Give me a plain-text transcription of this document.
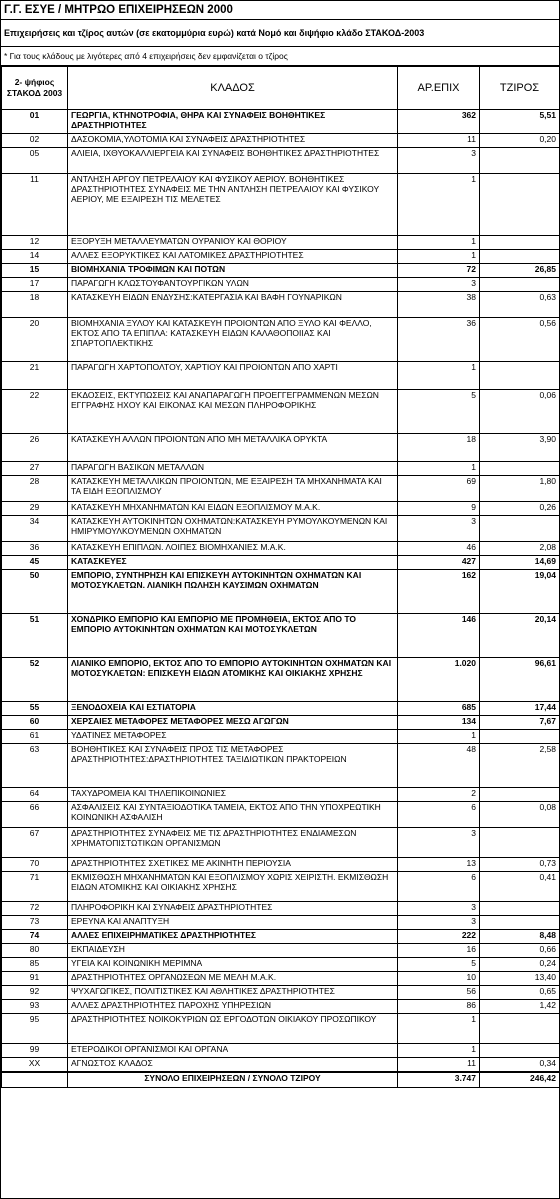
Γ.Γ. ΕΣΥΕ / ΜΗΤΡΩΟ ΕΠΙΧΕΙΡΗΣΕΩΝ 2000
Επιχειρήσεις και τζίρος αυτών (σε εκατομμύρια ευρώ) κατά Νομό και διψήφιο κλάδο ΣΤΑΚΟΔ-2003
* Για τους κλάδους με λιγότερες από 4 επιχειρήσεις δεν εμφανίζεται ο τζίρος
2- ψήφιος ΣΤΑΚΟΔ 2003	ΚΛΑΔΟΣ	ΑΡ.ΕΠΙΧ	ΤΖΙΡΟΣ
01	ΓΕΩΡΓΙΑ, ΚΤΗΝΟΤΡΟΦΙΑ, ΘΗΡΑ ΚΑΙ ΣΥΝΑΦΕΙΣ ΒΟΗΘΗΤΙΚΕΣ ΔΡΑΣΤΗΡΙΟΤΗΤΕΣ	362	5,51
02	ΔΑΣΟΚΟΜΙΑ,ΥΛΟΤΟΜΙΑ ΚΑΙ ΣΥΝΑΦΕΙΣ ΔΡΑΣΤΗΡΙΟΤΗΤΕΣ	11	0,20
05	ΑΛΙΕΙΑ, ΙΧΘΥΟΚΑΛΛΙΕΡΓΕΙΑ ΚΑΙ ΣΥΝΑΦΕΙΣ ΒΟΗΘΗΤΙΚΕΣ ΔΡΑΣΤΗΡΙΟΤΗΤΕΣ	3	
11	ΑΝΤΛΗΣΗ ΑΡΓΟΥ ΠΕΤΡΕΛΑΙΟΥ ΚΑΙ ΦΥΣΙΚΟΥ ΑΕΡΙΟΥ. ΒΟΗΘΗΤΙΚΕΣ ΔΡΑΣΤΗΡΙΟΤΗΤΕΣ ΣΥΝΑΦΕΙΣ ΜΕ ΤΗΝ ΑΝΤΛΗΣΗ ΠΕΤΡΕΛΑΙΟΥ ΚΑΙ ΦΥΣΙΚΟΥ ΑΕΡΙΟΥ, ΜΕ ΕΞΑΙΡΕΣΗ ΤΙΣ ΜΕΛΕΤΕΣ	1	
12	ΕΞΟΡΥΞΗ ΜΕΤΑΛΛΕΥΜΑΤΩΝ ΟΥΡΑΝΙΟΥ ΚΑΙ ΘΟΡΙΟΥ	1	
14	ΑΛΛΕΣ ΕΞΟΡΥΚΤΙΚΕΣ ΚΑΙ ΛΑΤΟΜΙΚΕΣ ΔΡΑΣΤΗΡΙΟΤΗΤΕΣ	1	
15	ΒΙΟΜΗΧΑΝΙΑ ΤΡΟΦΙΜΩΝ ΚΑΙ ΠΟΤΩΝ	72	26,85
17	ΠΑΡΑΓΩΓΗ ΚΛΩΣΤΟΥΦΑΝΤΟΥΡΓΙΚΩΝ ΥΛΩΝ	3	
18	ΚΑΤΑΣΚΕΥΗ ΕΙΔΩΝ ΕΝΔΥΣΗΣ:ΚΑΤΕΡΓΑΣΙΑ ΚΑΙ ΒΑΦΗ ΓΟΥΝΑΡΙΚΩΝ	38	0,63
20	ΒΙΟΜΗΧΑΝΙΑ ΞΥΛΟΥ ΚΑΙ ΚΑΤΑΣΚΕΥΗ ΠΡΟΙΟΝΤΩΝ ΑΠΟ ΞΥΛΟ ΚΑΙ ΦΕΛΛΟ, ΕΚΤΟΣ ΑΠΟ ΤΑ ΕΠΙΠΛΑ: ΚΑΤΑΣΚΕΥΗ ΕΙΔΩΝ ΚΑΛΑΘΟΠΟΙΙΑΣ ΚΑΙ ΣΠΑΡΤΟΠΛΕΚΤΙΚΗΣ	36	0,56
21	ΠΑΡΑΓΩΓΗ ΧΑΡΤΟΠΟΛΤΟΥ, ΧΑΡΤΙΟΥ ΚΑΙ ΠΡΟΙΟΝΤΩΝ ΑΠΟ ΧΑΡΤΙ	1	
22	ΕΚΔΟΣΕΙΣ, ΕΚΤΥΠΩΣΕΙΣ ΚΑΙ ΑΝΑΠΑΡΑΓΩΓΗ ΠΡΟΕΓΓΕΓΡΑΜΜΕΝΩΝ ΜΕΣΩΝ ΕΓΓΡΑΦΗΣ ΗΧΟΥ ΚΑΙ ΕΙΚΟΝΑΣ ΚΑΙ ΜΕΣΩΝ ΠΛΗΡΟΦΟΡΙΚΗΣ	5	0,06
26	ΚΑΤΑΣΚΕΥΗ ΑΛΛΩΝ ΠΡΟΙΟΝΤΩΝ ΑΠΟ ΜΗ ΜΕΤΑΛΛΙΚΑ ΟΡΥΚΤΑ	18	3,90
27	ΠΑΡΑΓΩΓΗ ΒΑΣΙΚΩΝ ΜΕΤΑΛΛΩΝ	1	
28	ΚΑΤΑΣΚΕΥΗ ΜΕΤΑΛΛΙΚΩΝ ΠΡΟΙΟΝΤΩΝ, ΜΕ ΕΞΑΙΡΕΣΗ ΤΑ ΜΗΧΑΝΗΜΑΤΑ ΚΑΙ ΤΑ ΕΙΔΗ ΕΞΟΠΛΙΣΜΟΥ	69	1,80
29	ΚΑΤΑΣΚΕΥΗ ΜΗΧΑΝΗΜΑΤΩΝ ΚΑΙ ΕΙΔΩΝ ΕΞΟΠΛΙΣΜΟΥ Μ.Α.Κ.	9	0,26
34	ΚΑΤΑΣΚΕΥΗ ΑΥΤΟΚΙΝΗΤΩΝ ΟΧΗΜΑΤΩΝ:ΚΑΤΑΣΚΕΥΗ ΡΥΜΟΥΛΚΟΥΜΕΝΩΝ ΚΑΙ ΗΜΙΡΥΜΟΥΛΚΟΥΜΕΝΩΝ ΟΧΗΜΑΤΩΝ	3	
36	ΚΑΤΑΣΚΕΥΗ ΕΠΙΠΛΩΝ. ΛΟΙΠΕΣ ΒΙΟΜΗΧΑΝΙΕΣ Μ.Α.Κ.	46	2,08
45	ΚΑΤΑΣΚΕΥΕΣ	427	14,69
50	ΕΜΠΟΡΙΟ, ΣΥΝΤΗΡΗΣΗ ΚΑΙ ΕΠΙΣΚΕΥΗ ΑΥΤΟΚΙΝΗΤΩΝ ΟΧΗΜΑΤΩΝ ΚΑΙ ΜΟΤΟΣΥΚΛΕΤΩΝ. ΛΙΑΝΙΚΗ ΠΩΛΗΣΗ ΚΑΥΣΙΜΩΝ ΟΧΗΜΑΤΩΝ	162	19,04
51	ΧΟΝΔΡΙΚΟ ΕΜΠΟΡΙΟ ΚΑΙ ΕΜΠΟΡΙΟ ΜΕ ΠΡΟΜΗΘΕΙΑ, ΕΚΤΟΣ ΑΠΟ ΤΟ ΕΜΠΟΡΙΟ ΑΥΤΟΚΙΝΗΤΩΝ ΟΧΗΜΑΤΩΝ ΚΑΙ ΜΟΤΟΣΥΚΛΕΤΩΝ	146	20,14
52	ΛΙΑΝΙΚΟ ΕΜΠΟΡΙΟ, ΕΚΤΟΣ ΑΠΟ ΤΟ ΕΜΠΟΡΙΟ ΑΥΤΟΚΙΝΗΤΩΝ ΟΧΗΜΑΤΩΝ ΚΑΙ ΜΟΤΟΣΥΚΛΕΤΩΝ: ΕΠΙΣΚΕΥΗ ΕΙΔΩΝ ΑΤΟΜΙΚΗΣ ΚΑΙ ΟΙΚΙΑΚΗΣ ΧΡΗΣΗΣ	1.020	96,61
55	ΞΕΝΟΔΟΧΕΙΑ ΚΑΙ ΕΣΤΙΑΤΟΡΙΑ	685	17,44
60	ΧΕΡΣΑΙΕΣ ΜΕΤΑΦΟΡΕΣ ΜΕΤΑΦΟΡΕΣ ΜΕΣΩ ΑΓΩΓΩΝ	134	7,67
61	ΥΔΑΤΙΝΕΣ ΜΕΤΑΦΟΡΕΣ	1	
63	ΒΟΗΘΗΤΙΚΕΣ ΚΑΙ ΣΥΝΑΦΕΙΣ ΠΡΟΣ ΤΙΣ ΜΕΤΑΦΟΡΕΣ ΔΡΑΣΤΗΡΙΟΤΗΤΕΣ:ΔΡΑΣΤΗΡΙΟΤΗΤΕΣ ΤΑΞΙΔΙΩΤΙΚΩΝ ΠΡΑΚΤΟΡΕΙΩΝ	48	2,58
64	ΤΑΧΥΔΡΟΜΕΙΑ ΚΑΙ ΤΗΛΕΠΙΚΟΙΝΩΝΙΕΣ	2	
66	ΑΣΦΑΛΙΣΕΙΣ ΚΑΙ ΣΥΝΤΑΞΙΟΔΟΤΙΚΑ ΤΑΜΕΙΑ, ΕΚΤΟΣ ΑΠΟ ΤΗΝ ΥΠΟΧΡΕΩΤΙΚΗ ΚΟΙΝΩΝΙΚΗ ΑΣΦΑΛΙΣΗ	6	0,08
67	ΔΡΑΣΤΗΡΙΟΤΗΤΕΣ ΣΥΝΑΦΕΙΣ ΜΕ ΤΙΣ ΔΡΑΣΤΗΡΙΟΤΗΤΕΣ ΕΝΔΙΑΜΕΣΩΝ ΧΡΗΜΑΤΟΠΙΣΤΩΤΙΚΩΝ ΟΡΓΑΝΙΣΜΩΝ	3	
70	ΔΡΑΣΤΗΡΙΟΤΗΤΕΣ ΣΧΕΤΙΚΕΣ ΜΕ ΑΚΙΝΗΤΗ ΠΕΡΙΟΥΣΙΑ	13	0,73
71	ΕΚΜΙΣΘΩΣΗ ΜΗΧΑΝΗΜΑΤΩΝ ΚΑΙ ΕΞΟΠΛΙΣΜΟΥ ΧΩΡΙΣ ΧΕΙΡΙΣΤΗ. ΕΚΜΙΣΘΩΣΗ ΕΙΔΩΝ ΑΤΟΜΙΚΗΣ ΚΑΙ ΟΙΚΙΑΚΗΣ ΧΡΗΣΗΣ	6	0,41
72	ΠΛΗΡΟΦΟΡΙΚΗ ΚΑΙ ΣΥΝΑΦΕΙΣ ΔΡΑΣΤΗΡΙΟΤΗΤΕΣ	3	
73	ΕΡΕΥΝΑ ΚΑΙ ΑΝΑΠΤΥΞΗ	3	
74	ΑΛΛΕΣ ΕΠΙΧΕΙΡΗΜΑΤΙΚΕΣ ΔΡΑΣΤΗΡΙΟΤΗΤΕΣ	222	8,48
80	ΕΚΠΑΙΔΕΥΣΗ	16	0,66
85	ΥΓΕΙΑ ΚΑΙ ΚΟΙΝΩΝΙΚΗ ΜΕΡΙΜΝΑ	5	0,24
91	ΔΡΑΣΤΗΡΙΟΤΗΤΕΣ ΟΡΓΑΝΩΣΕΩΝ ΜΕ ΜΕΛΗ Μ.Α.Κ.	10	13,40
92	ΨΥΧΑΓΩΓΙΚΕΣ, ΠΟΛΙΤΙΣΤΙΚΕΣ ΚΑΙ ΑΘΛΗΤΙΚΕΣ ΔΡΑΣΤΗΡΙΟΤΗΤΕΣ	56	0,65
93	ΑΛΛΕΣ ΔΡΑΣΤΗΡΙΟΤΗΤΕΣ ΠΑΡΟΧΗΣ ΥΠΗΡΕΣΙΩΝ	86	1,42
95	ΔΡΑΣΤΗΡΙΟΤΗΤΕΣ ΝΟΙΚΟΚΥΡΙΩΝ ΩΣ ΕΡΓΟΔΟΤΩΝ ΟΙΚΙΑΚΟΥ ΠΡΟΣΩΠΙΚΟΥ	1	
99	ΕΤΕΡΟΔΙΚΟΙ ΟΡΓΑΝΙΣΜΟΙ ΚΑΙ ΟΡΓΑΝΑ	1	
XX	ΑΓΝΩΣΤΟΣ ΚΛΑΔΟΣ	11	0,34
	ΣΥΝΟΛΟ ΕΠΙΧΕΙΡΗΣΕΩΝ / ΣΥΝΟΛΟ ΤΖΙΡΟΥ	3.747	246,42
